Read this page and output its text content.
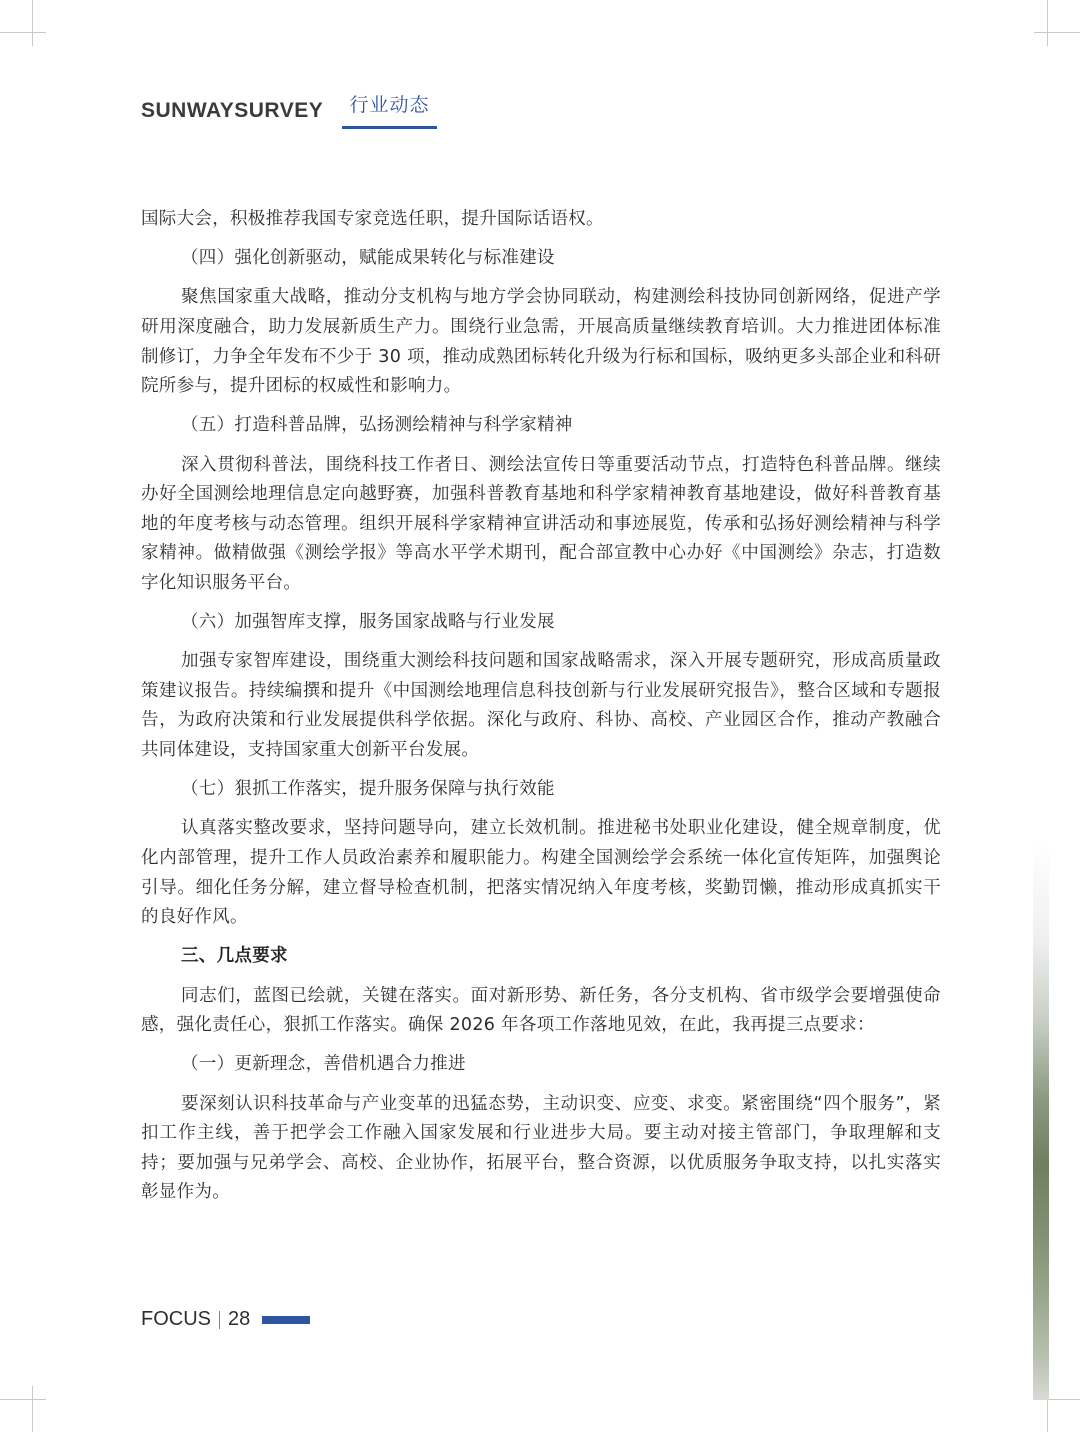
SUNWAYSURVEY	行业动态

国际大会，积极推荐我国专家竞选任职，提升国际话语权。

（四）强化创新驱动，赋能成果转化与标准建设

聚焦国家重大战略，推动分支机构与地方学会协同联动，构建测绘科技协同创新网络，促进产学研用深度融合，助力发展新质生产力。围绕行业急需，开展高质量继续教育培训。大力推进团体标准制修订，力争全年发布不少于 30 项，推动成熟团标转化升级为行标和国标，吸纳更多头部企业和科研院所参与，提升团标的权威性和影响力。

（五）打造科普品牌，弘扬测绘精神与科学家精神

深入贯彻科普法，围绕科技工作者日、测绘法宣传日等重要活动节点，打造特色科普品牌。继续办好全国测绘地理信息定向越野赛，加强科普教育基地和科学家精神教育基地建设，做好科普教育基地的年度考核与动态管理。组织开展科学家精神宣讲活动和事迹展览，传承和弘扬好测绘精神与科学家精神。做精做强《测绘学报》等高水平学术期刊，配合部宣教中心办好《中国测绘》杂志，打造数字化知识服务平台。

（六）加强智库支撑，服务国家战略与行业发展

加强专家智库建设，围绕重大测绘科技问题和国家战略需求，深入开展专题研究，形成高质量政策建议报告。持续编撰和提升《中国测绘地理信息科技创新与行业发展研究报告》，整合区域和专题报告，为政府决策和行业发展提供科学依据。深化与政府、科协、高校、产业园区合作，推动产教融合共同体建设，支持国家重大创新平台发展。

（七）狠抓工作落实，提升服务保障与执行效能

认真落实整改要求，坚持问题导向，建立长效机制。推进秘书处职业化建设，健全规章制度，优化内部管理，提升工作人员政治素养和履职能力。构建全国测绘学会系统一体化宣传矩阵，加强舆论引导。细化任务分解，建立督导检查机制，把落实情况纳入年度考核，奖勤罚懒，推动形成真抓实干的良好作风。

三、几点要求

同志们，蓝图已绘就，关键在落实。面对新形势、新任务，各分支机构、省市级学会要增强使命感，强化责任心，狠抓工作落实。确保 2026 年各项工作落地见效，在此，我再提三点要求：

（一）更新理念，善借机遇合力推进

要深刻认识科技革命与产业变革的迅猛态势，主动识变、应变、求变。紧密围绕“四个服务”，紧扣工作主线，善于把学会工作融入国家发展和行业进步大局。要主动对接主管部门，争取理解和支持；要加强与兄弟学会、高校、企业协作，拓展平台，整合资源，以优质服务争取支持，以扎实落实彰显作为。

FOCUS 28
